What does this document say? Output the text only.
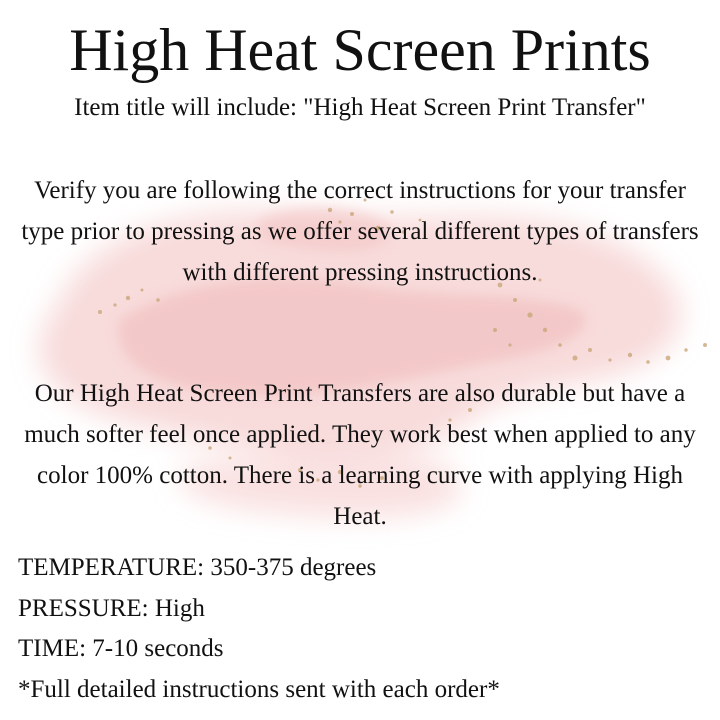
High Heat Screen Prints
Item title will include: "High Heat Screen Print Transfer"

Verify you are following the correct instructions for your transfer type prior to pressing as we offer several different types of transfers with different pressing instructions.

Our High Heat Screen Print Transfers are also durable but have a much softer feel once applied. They work best when applied to any color 100% cotton. There is a learning curve with applying High Heat.

TEMPERATURE: 350-375 degrees
PRESSURE: High
TIME: 7-10 seconds
*Full detailed instructions sent with each order*
